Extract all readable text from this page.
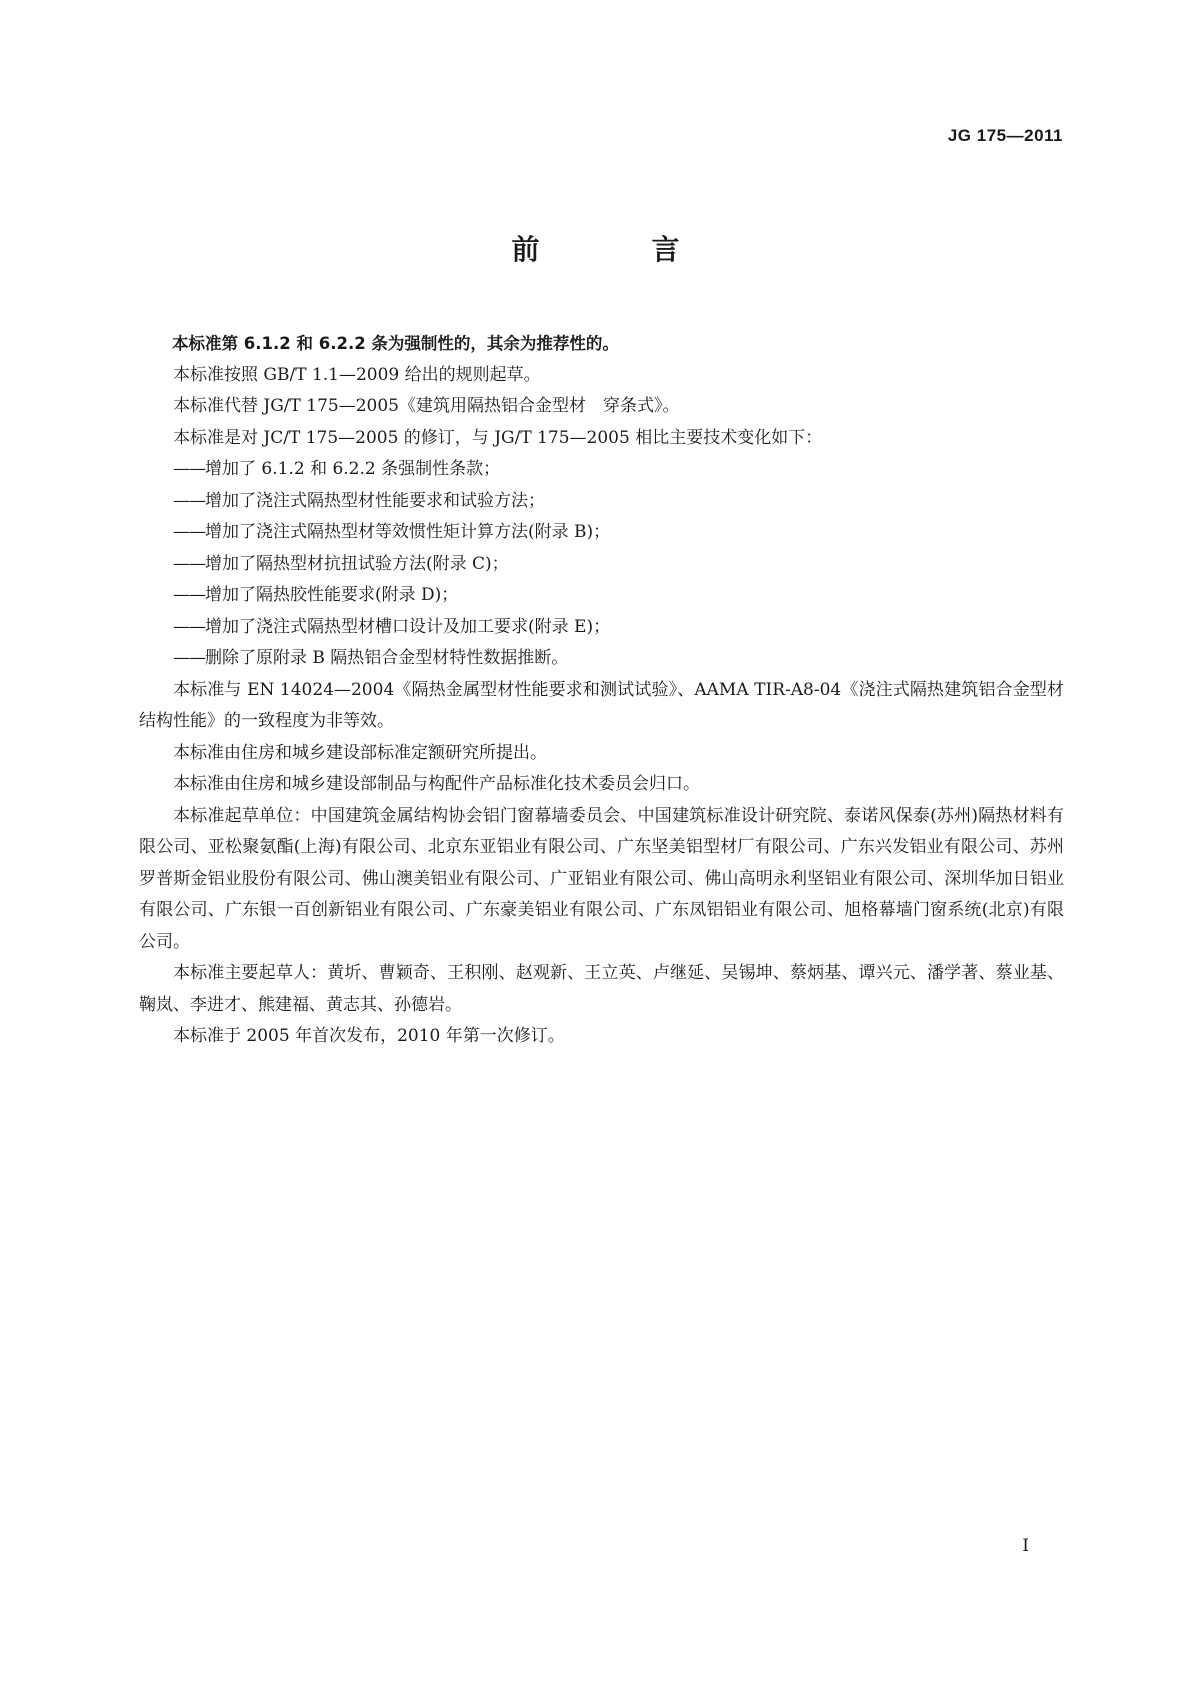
JG 175—2011
前　言

本标准第 6.1.2 和 6.2.2 条为强制性的，其余为推荐性的。

本标准按照 GB/T 1.1—2009 给出的规则起草。

本标准代替 JG/T 175—2005《建筑用隔热铝合金型材　穿条式》。

本标准是对 JC/T 175—2005 的修订，与 JG/T 175—2005 相比主要技术变化如下：

——增加了 6.1.2 和 6.2.2 条强制性条款；
——增加了浇注式隔热型材性能要求和试验方法；
——增加了浇注式隔热型材等效惯性矩计算方法(附录 B)；
——增加了隔热型材抗扭试验方法(附录 C)；
——增加了隔热胶性能要求(附录 D)；
——增加了浇注式隔热型材槽口设计及加工要求(附录 E)；
——删除了原附录 B 隔热铝合金型材特性数据推断。

本标准与 EN 14024—2004《隔热金属型材性能要求和测试试验》、AAMA TIR-A8-04《浇注式隔热建筑铝合金型材结构性能》的一致程度为非等效。

本标准由住房和城乡建设部标准定额研究所提出。

本标准由住房和城乡建设部制品与构配件产品标准化技术委员会归口。

本标准起草单位：中国建筑金属结构协会铝门窗幕墙委员会、中国建筑标准设计研究院、泰诺风保泰(苏州)隔热材料有限公司、亚松聚氨酯(上海)有限公司、北京东亚铝业有限公司、广东坚美铝型材厂有限公司、广东兴发铝业有限公司、苏州罗普斯金铝业股份有限公司、佛山澳美铝业有限公司、广亚铝业有限公司、佛山高明永利坚铝业有限公司、深圳华加日铝业有限公司、广东银一百创新铝业有限公司、广东豪美铝业有限公司、广东凤铝铝业有限公司、旭格幕墙门窗系统(北京)有限公司。

本标准主要起草人：黄圻、曹颖奇、王积刚、赵观新、王立英、卢继延、吴锡坤、蔡炳基、谭兴元、潘学著、蔡业基、鞠岚、李进才、熊建福、黄志其、孙德岩。

本标准于 2005 年首次发布，2010 年第一次修订。

I
